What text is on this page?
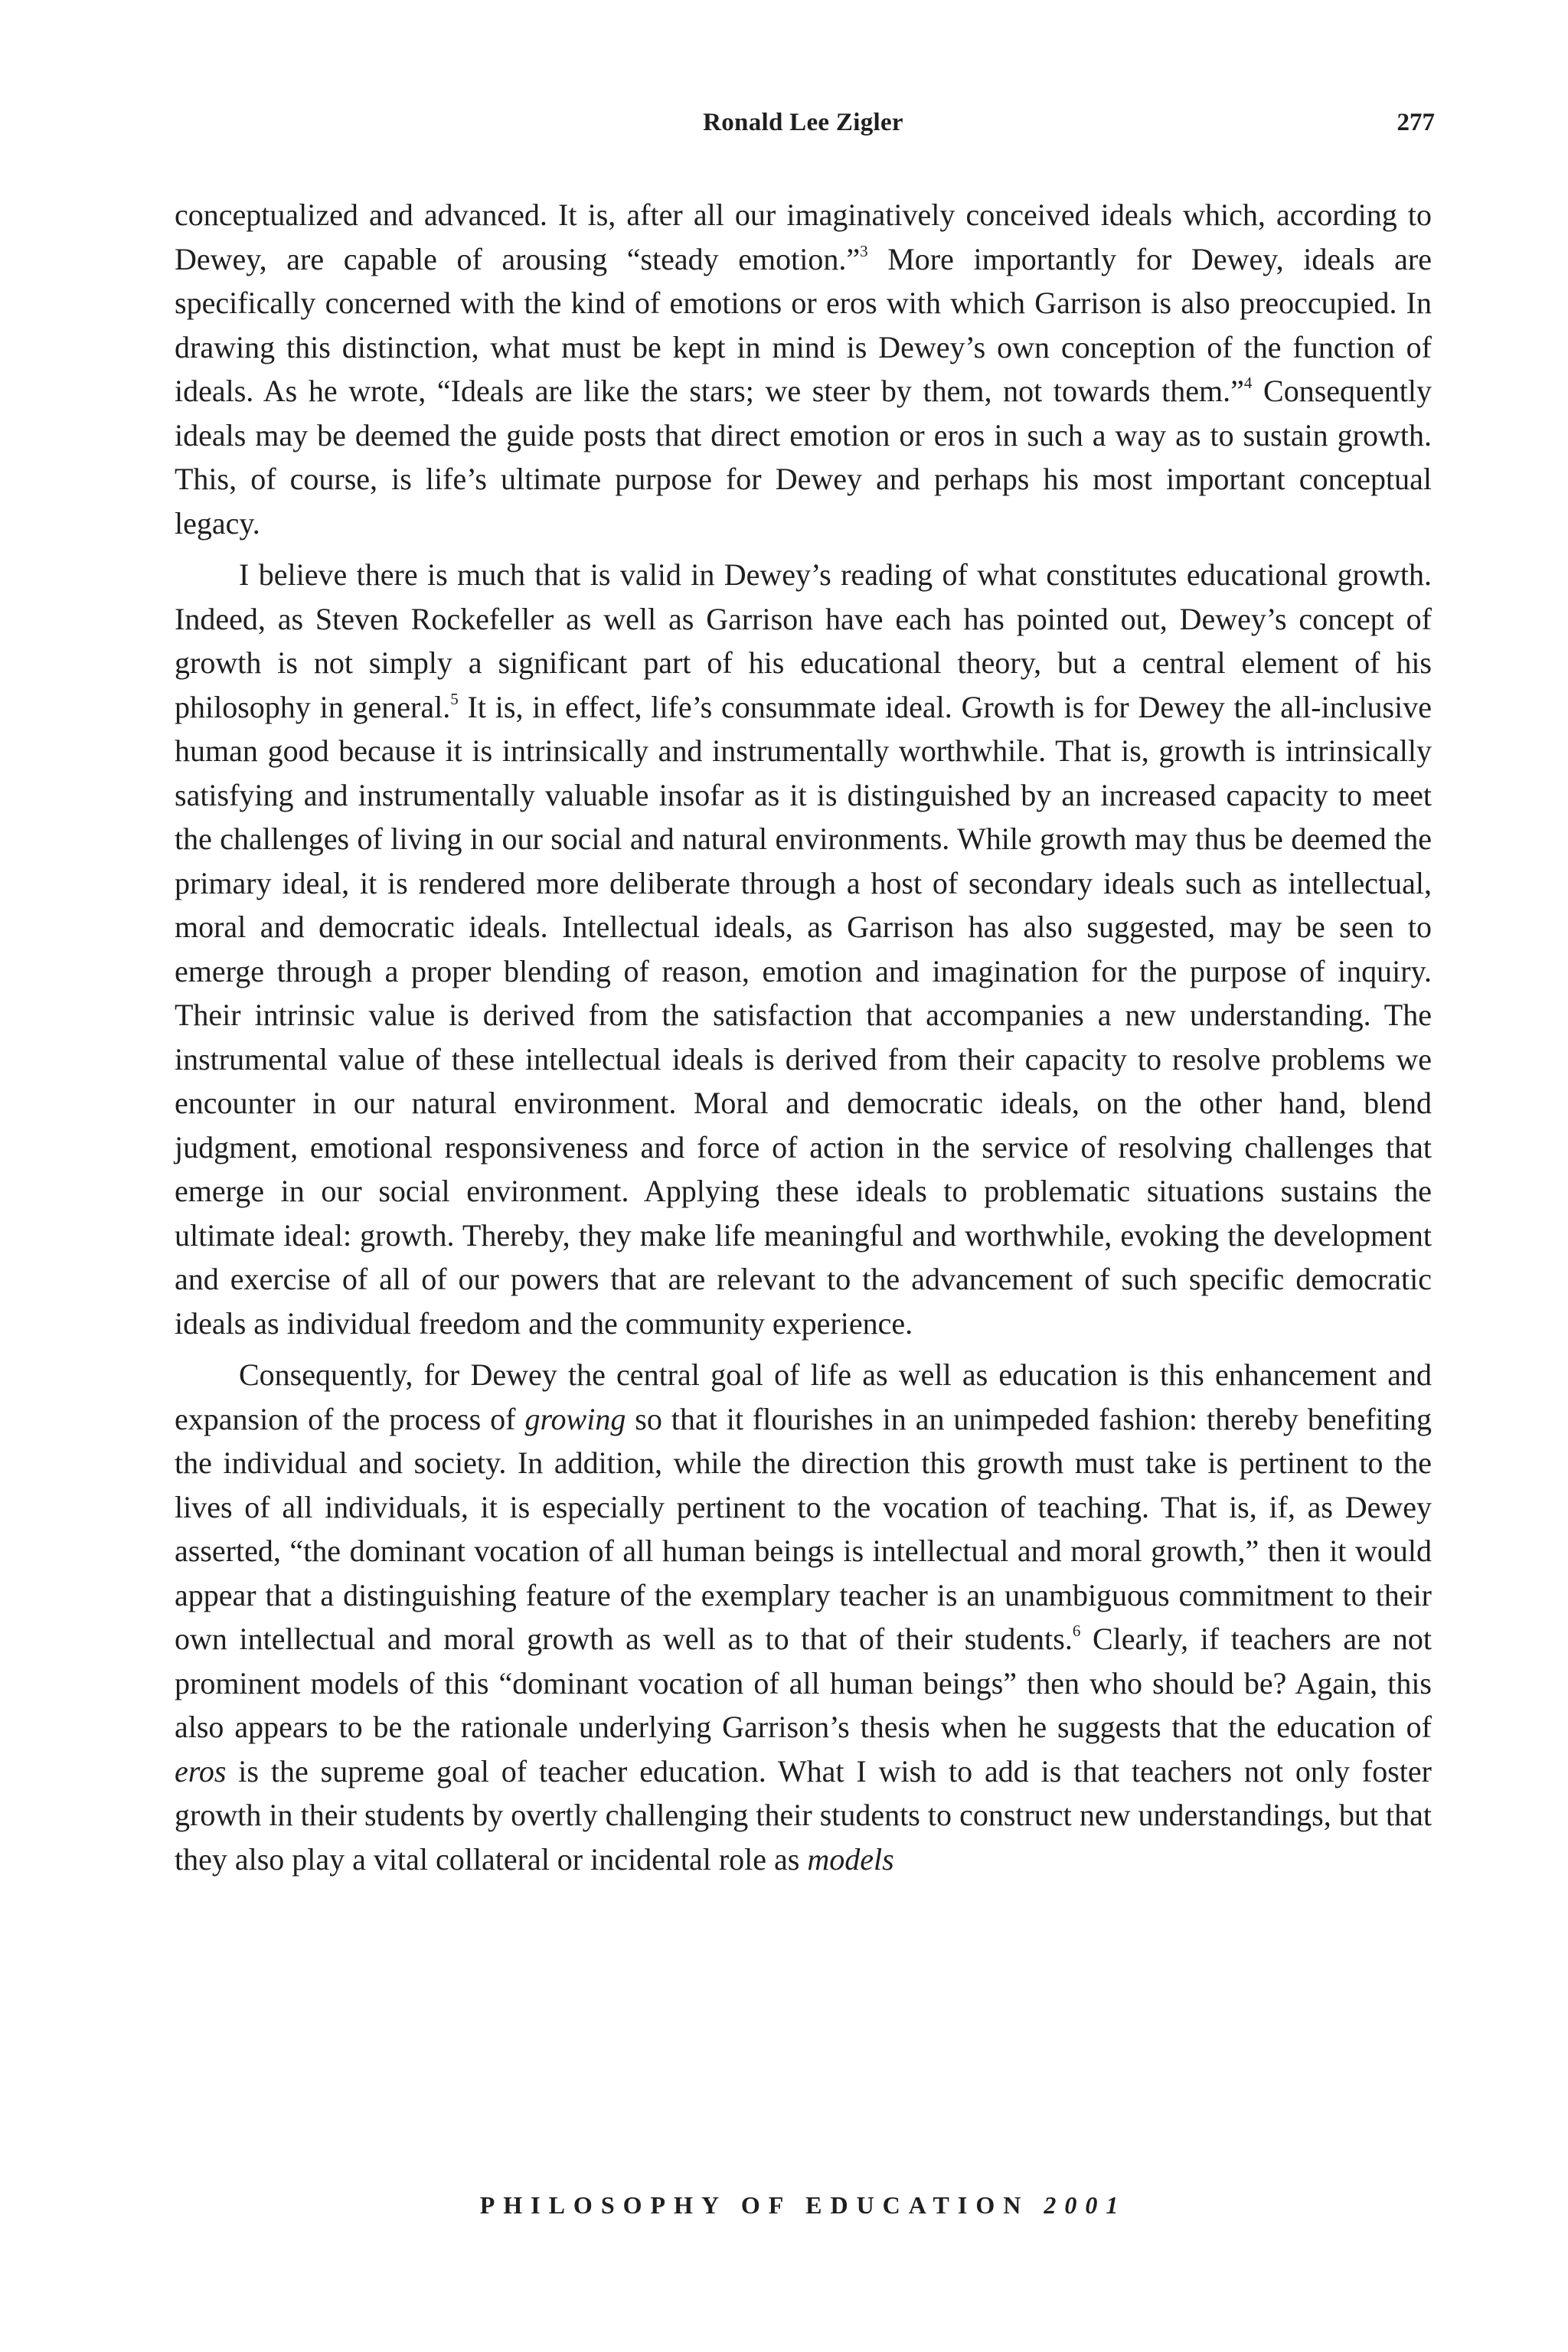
Ronald Lee Zigler	277

conceptualized and advanced. It is, after all our imaginatively conceived ideals which, according to Dewey, are capable of arousing “steady emotion.”$^3$ More importantly for Dewey, ideals are specifically concerned with the kind of emotions or eros with which Garrison is also preoccupied. In drawing this distinction, what must be kept in mind is Dewey’s own conception of the function of ideals. As he wrote, “Ideals are like the stars; we steer by them, not towards them.”$^4$ Consequently ideals may be deemed the guide posts that direct emotion or eros in such a way as to sustain growth. This, of course, is life’s ultimate purpose for Dewey and perhaps his most important conceptual legacy.

I believe there is much that is valid in Dewey’s reading of what constitutes educational growth. Indeed, as Steven Rockefeller as well as Garrison have each has pointed out, Dewey’s concept of growth is not simply a significant part of his educational theory, but a central element of his philosophy in general.$^5$ It is, in effect, life’s consummate ideal. Growth is for Dewey the all-inclusive human good because it is intrinsically and instrumentally worthwhile. That is, growth is intrinsically satisfying and instrumentally valuable insofar as it is distinguished by an increased capacity to meet the challenges of living in our social and natural environments. While growth may thus be deemed the primary ideal, it is rendered more deliberate through a host of secondary ideals such as intellectual, moral and democratic ideals. Intellectual ideals, as Garrison has also suggested, may be seen to emerge through a proper blending of reason, emotion and imagination for the purpose of inquiry. Their intrinsic value is derived from the satisfaction that accompanies a new understanding. The instrumental value of these intellectual ideals is derived from their capacity to resolve problems we encounter in our natural environment. Moral and democratic ideals, on the other hand, blend judgment, emotional responsiveness and force of action in the service of resolving challenges that emerge in our social environment. Applying these ideals to problematic situations sustains the ultimate ideal: growth. Thereby, they make life meaningful and worthwhile, evoking the development and exercise of all of our powers that are relevant to the advancement of such specific democratic ideals as individual freedom and the community experience.

Consequently, for Dewey the central goal of life as well as education is this enhancement and expansion of the process of growing so that it flourishes in an unimpeded fashion: thereby benefiting the individual and society. In addition, while the direction this growth must take is pertinent to the lives of all individuals, it is especially pertinent to the vocation of teaching. That is, if, as Dewey asserted, “the dominant vocation of all human beings is intellectual and moral growth,” then it would appear that a distinguishing feature of the exemplary teacher is an unambiguous commitment to their own intellectual and moral growth as well as to that of their students.$^6$ Clearly, if teachers are not prominent models of this “dominant vocation of all human beings” then who should be? Again, this also appears to be the rationale underlying Garrison’s thesis when he suggests that the education of eros is the supreme goal of teacher education. What I wish to add is that teachers not only foster growth in their students by overtly challenging their students to construct new understandings, but that they also play a vital collateral or incidental role as models

PHILOSOPHY OF EDUCATION 2001
